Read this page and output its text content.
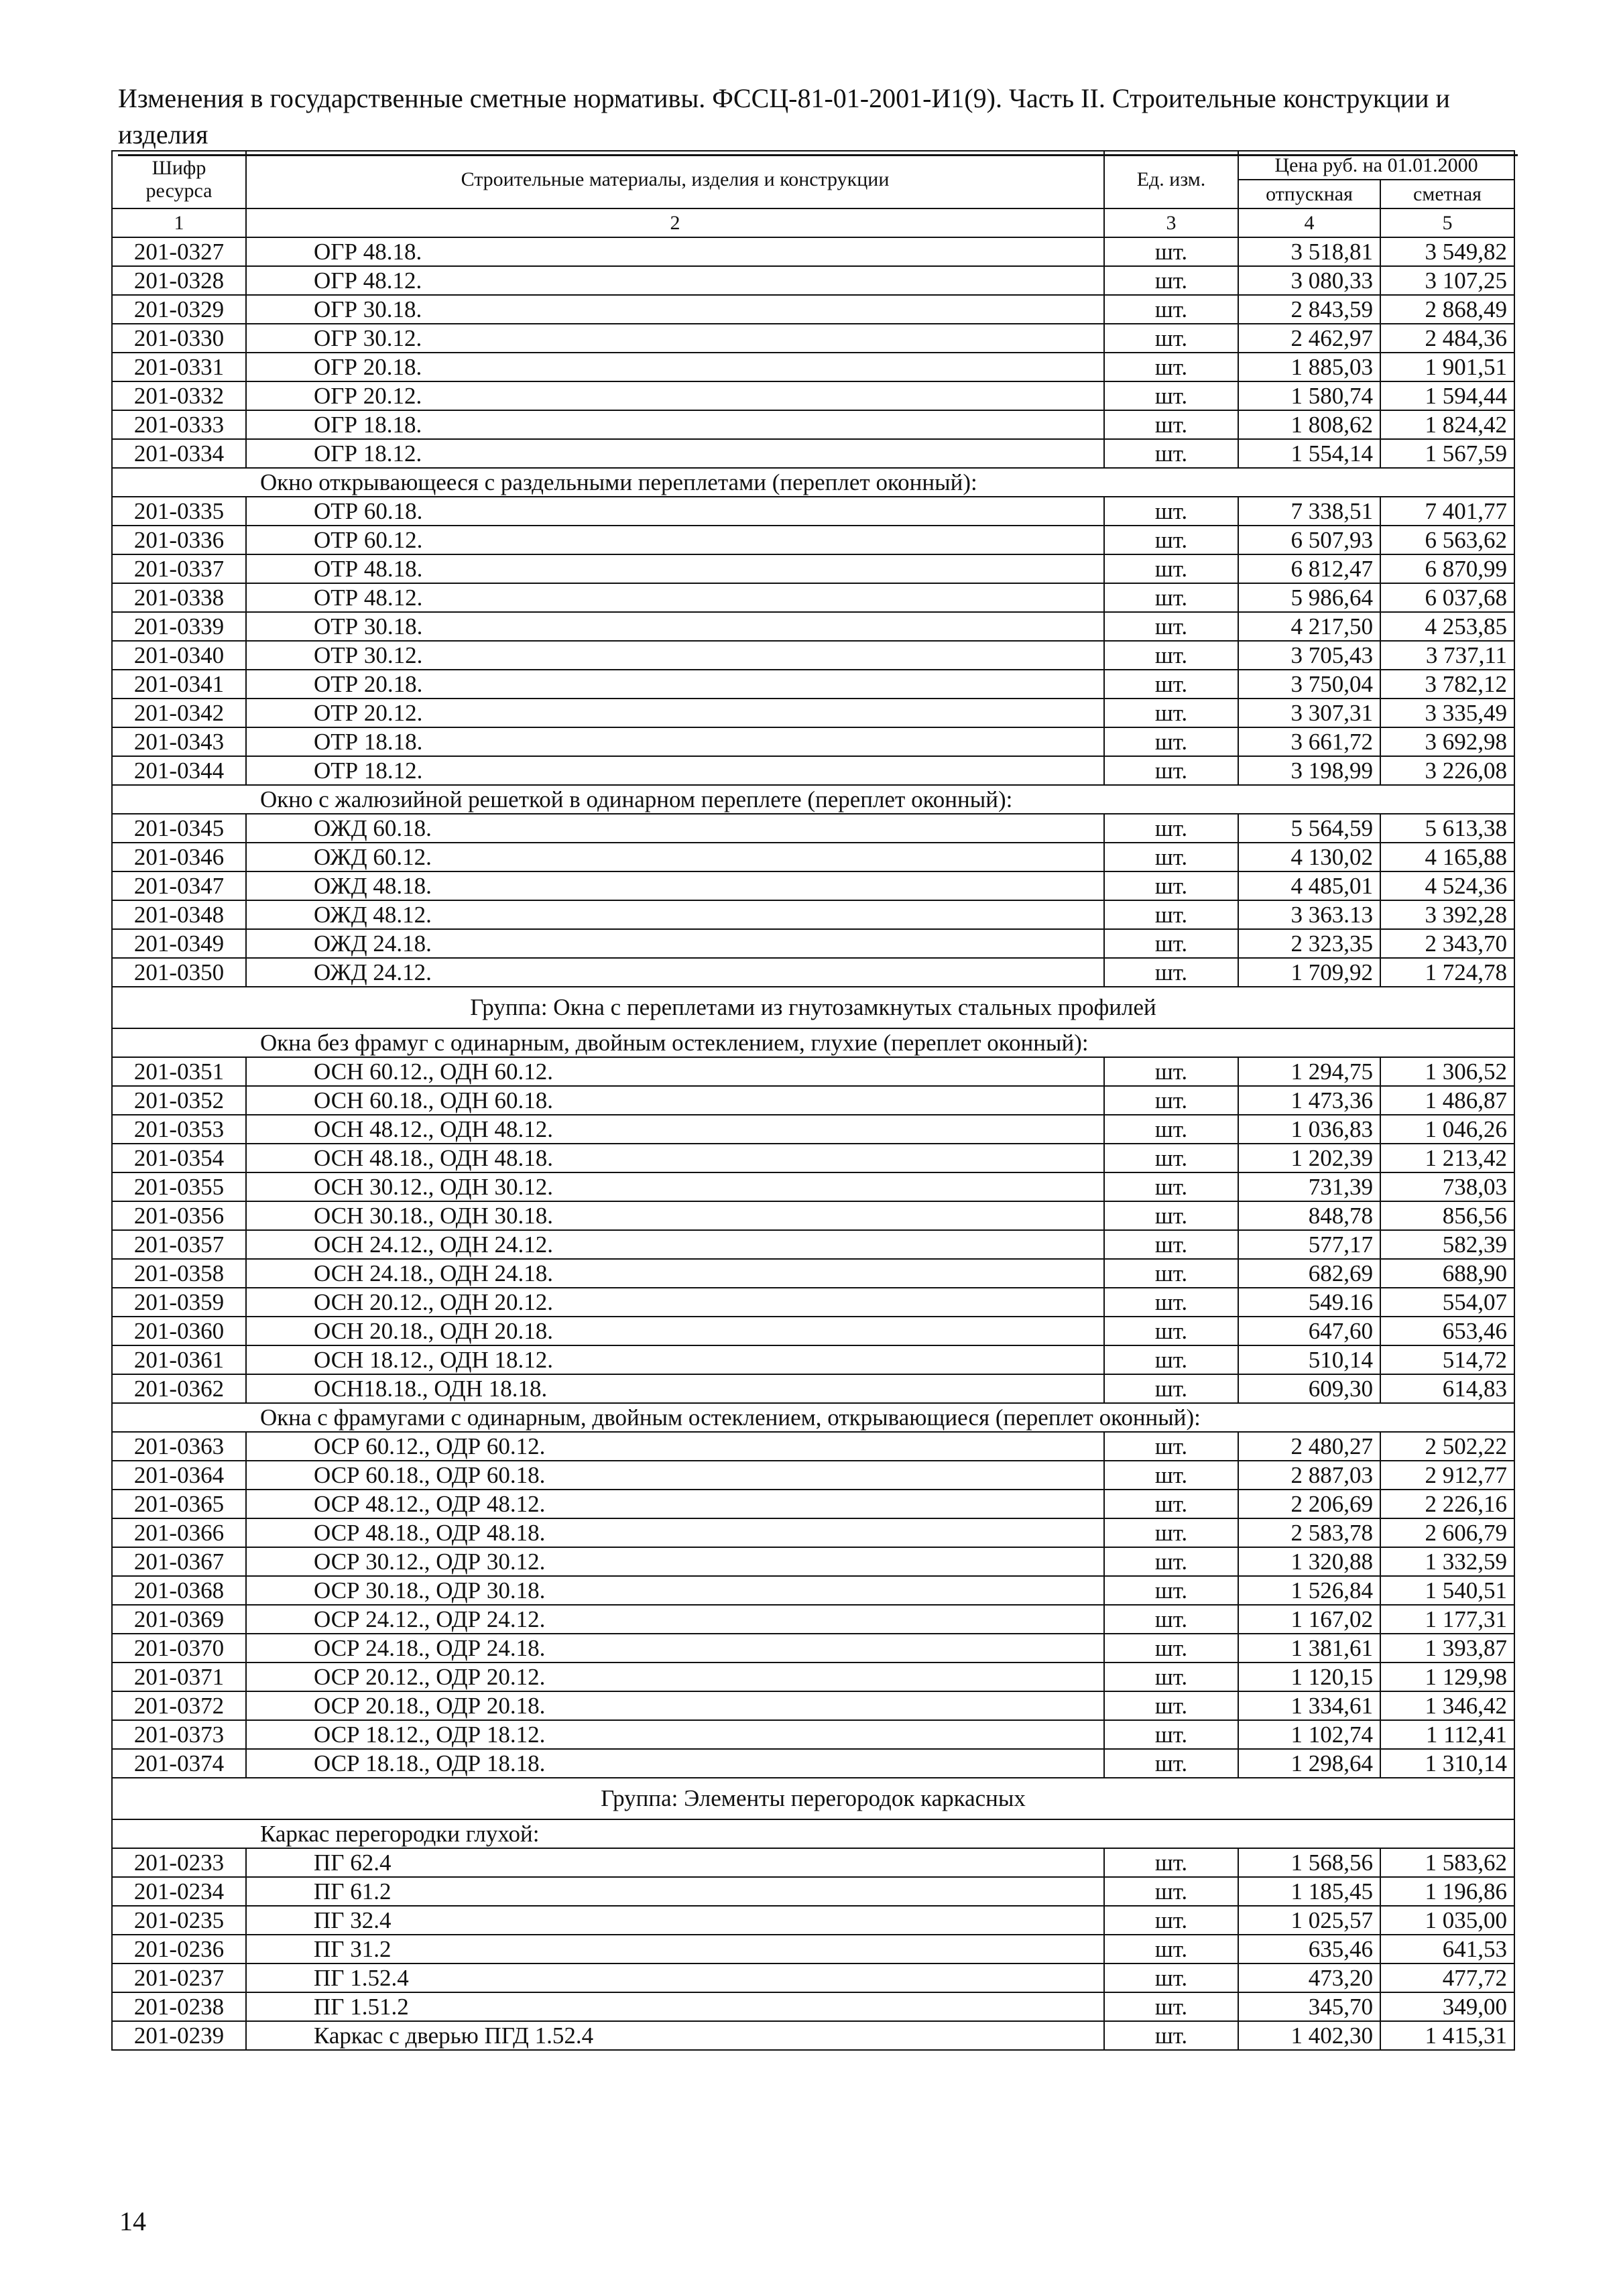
Изменения в государственные сметные нормативы. ФССЦ-81-01-2001-И1(9). Часть II. Строительные конструкции и изделия
Шифр ресурса	Строительные материалы, изделия и конструкции	Ед. изм.	Цена руб. на 01.01.2000	
			отпускная	сметная
1	2	3	4	5
201-0327	ОГР 48.18.	шт.	3 518,81	3 549,82
201-0328	ОГР 48.12.	шт.	3 080,33	3 107,25
201-0329	ОГР 30.18.	шт.	2 843,59	2 868,49
201-0330	ОГР 30.12.	шт.	2 462,97	2 484,36
201-0331	ОГР 20.18.	шт.	1 885,03	1 901,51
201-0332	ОГР 20.12.	шт.	1 580,74	1 594,44
201-0333	ОГР 18.18.	шт.	1 808,62	1 824,42
201-0334	ОГР 18.12.	шт.	1 554,14	1 567,59
Окно открывающееся с раздельными переплетами (переплет оконный):				
201-0335	ОТР 60.18.	шт.	7 338,51	7 401,77
201-0336	ОТР 60.12.	шт.	6 507,93	6 563,62
201-0337	ОТР 48.18.	шт.	6 812,47	6 870,99
201-0338	ОТР 48.12.	шт.	5 986,64	6 037,68
201-0339	ОТР 30.18.	шт.	4 217,50	4 253,85
201-0340	ОТР 30.12.	шт.	3 705,43	3 737,11
201-0341	ОТР 20.18.	шт.	3 750,04	3 782,12
201-0342	ОТР 20.12.	шт.	3 307,31	3 335,49
201-0343	ОТР 18.18.	шт.	3 661,72	3 692,98
201-0344	ОТР 18.12.	шт.	3 198,99	3 226,08
Окно с жалюзийной решеткой в одинарном переплете (переплет оконный):				
201-0345	ОЖД 60.18.	шт.	5 564,59	5 613,38
201-0346	ОЖД 60.12.	шт.	4 130,02	4 165,88
201-0347	ОЖД 48.18.	шт.	4 485,01	4 524,36
201-0348	ОЖД 48.12.	шт.	3 363.13	3 392,28
201-0349	ОЖД 24.18.	шт.	2 323,35	2 343,70
201-0350	ОЖД 24.12.	шт.	1 709,92	1 724,78
Группа: Окна с переплетами из гнутозамкнутых стальных профилей				
Окна без фрамуг с одинарным, двойным остеклением, глухие (переплет оконный):				
201-0351	ОСН 60.12., ОДН 60.12.	шт.	1 294,75	1 306,52
201-0352	ОСН 60.18., ОДН 60.18.	шт.	1 473,36	1 486,87
201-0353	ОСН 48.12., ОДН 48.12.	шт.	1 036,83	1 046,26
201-0354	ОСН 48.18., ОДН 48.18.	шт.	1 202,39	1 213,42
201-0355	ОСН 30.12., ОДН 30.12.	шт.	731,39	738,03
201-0356	ОСН 30.18., ОДН 30.18.	шт.	848,78	856,56
201-0357	ОСН 24.12., ОДН 24.12.	шт.	577,17	582,39
201-0358	ОСН 24.18., ОДН 24.18.	шт.	682,69	688,90
201-0359	ОСН 20.12., ОДН 20.12.	шт.	549.16	554,07
201-0360	ОСН 20.18., ОДН 20.18.	шт.	647,60	653,46
201-0361	ОСН 18.12., ОДН 18.12.	шт.	510,14	514,72
201-0362	ОСН18.18., ОДН 18.18.	шт.	609,30	614,83
Окна с фрамугами с одинарным, двойным остеклением, открывающиеся (переплет оконный):				
201-0363	ОСР 60.12., ОДР 60.12.	шт.	2 480,27	2 502,22
201-0364	ОСР 60.18., ОДР 60.18.	шт.	2 887,03	2 912,77
201-0365	ОСР 48.12., ОДР 48.12.	шт.	2 206,69	2 226,16
201-0366	ОСР 48.18., ОДР 48.18.	шт.	2 583,78	2 606,79
201-0367	ОСР 30.12., ОДР 30.12.	шт.	1 320,88	1 332,59
201-0368	ОСР 30.18., ОДР 30.18.	шт.	1 526,84	1 540,51
201-0369	ОСР 24.12., ОДР 24.12.	шт.	1 167,02	1 177,31
201-0370	ОСР 24.18., ОДР 24.18.	шт.	1 381,61	1 393,87
201-0371	ОСР 20.12., ОДР 20.12.	шт.	1 120,15	1 129,98
201-0372	ОСР 20.18., ОДР 20.18.	шт.	1 334,61	1 346,42
201-0373	ОСР 18.12., ОДР 18.12.	шт.	1 102,74	1 112,41
201-0374	ОСР 18.18., ОДР 18.18.	шт.	1 298,64	1 310,14
Группа: Элементы перегородок каркасных				
Каркас перегородки глухой:				
201-0233	ПГ 62.4	шт.	1 568,56	1 583,62
201-0234	ПГ 61.2	шт.	1 185,45	1 196,86
201-0235	ПГ 32.4	шт.	1 025,57	1 035,00
201-0236	ПГ 31.2	шт.	635,46	641,53
201-0237	ПГ 1.52.4	шт.	473,20	477,72
201-0238	ПГ 1.51.2	шт.	345,70	349,00
201-0239	Каркас с дверью ПГД 1.52.4	шт.	1 402,30	1 415,31
14
